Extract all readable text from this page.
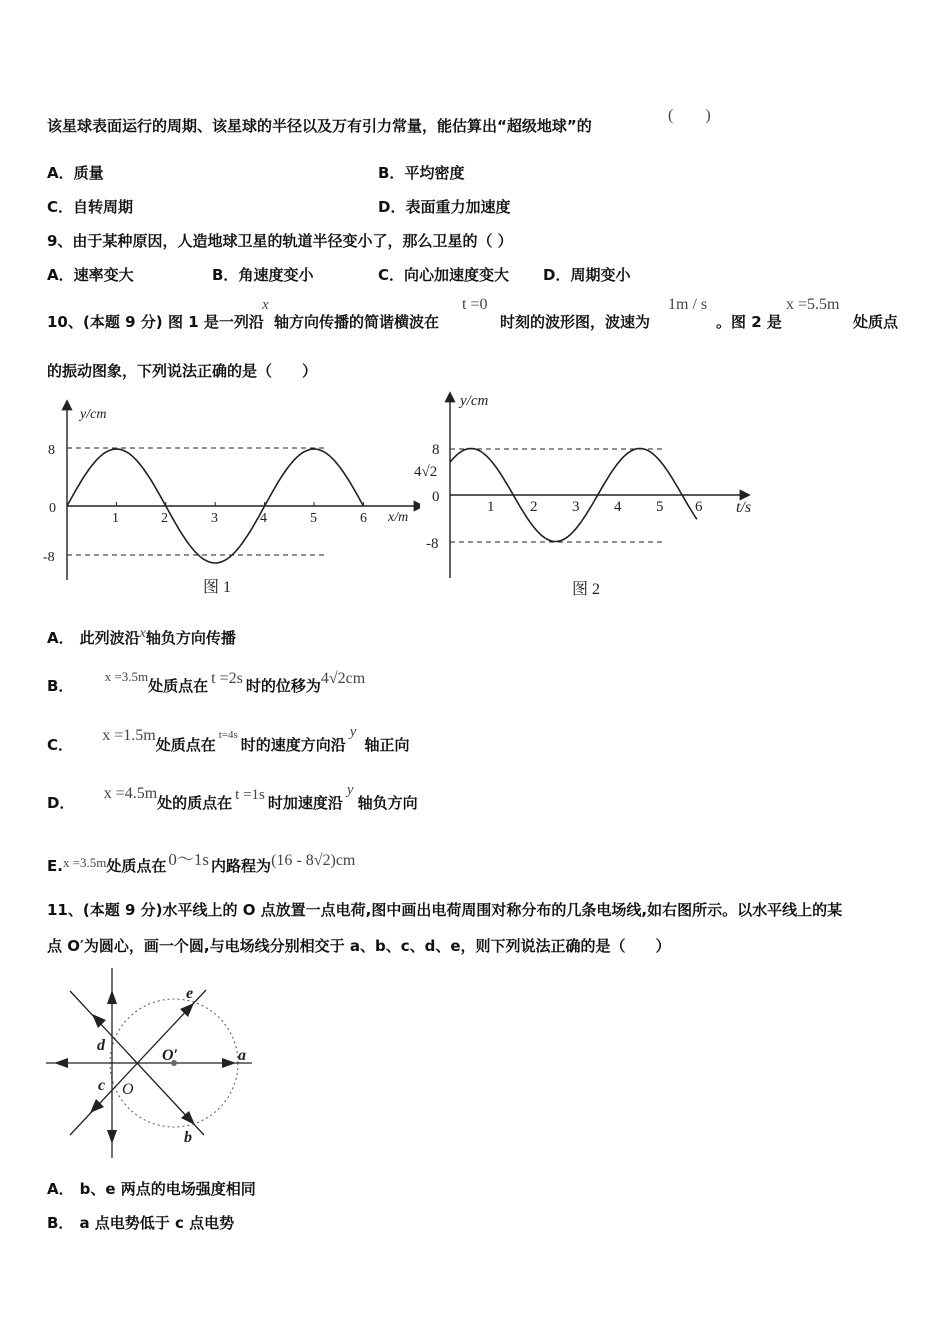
该星球表面运行的周期、该星球的半径以及万有引力常量，能估算出“超级地球”的
(　　)
A．质量	B．平均密度
C．自转周期	D．表面重力加速度
9、由于某种原因，人造地球卫星的轨道半径变小了，那么卫星的（ ）
A．速率变大	B．角速度变小	C．向心加速度变大 D．周期变小
10、 (本题 9 分) 图 1 是一列沿
x
轴方向传播的简谐横波在
t =0
时刻的波形图，波速为
1m / s
。图 2 是
x =5.5m
处质点
的振动图象，下列说法正确的是（　　）
y/cm
x/m
8
0
-8
1	2	3	4	5	6
图 1
y/cm
t/s
8
4√2
0
-8
1 2 3 4 5 6
图 2
A． 此列波沿x轴负方向传播
B． x =3.5m处质点在 t =2s 时的位移为4√2cm
C． x =1.5m处质点在$^{t=4s}$时的速度方向沿y轴正向
D． x =4.5m处的质点在 t =1s 时加速度沿y轴负方向
E.x =3.5m处质点在 0～1s 内路程为(16 - 8√2)cm
11、(本题 9 分)水平线上的 O 点放置一点电荷,图中画出电荷周围对称分布的几条电场线,如右图所示。以水平线上的某
点 O′为圆心，画一个圆,与电场线分别相交于 a、b、c、d、e，则下列说法正确的是（　　）
e
d
O′	a
c O
b
A． b、e 两点的电场强度相同
B． a 点电势低于 c 点电势
